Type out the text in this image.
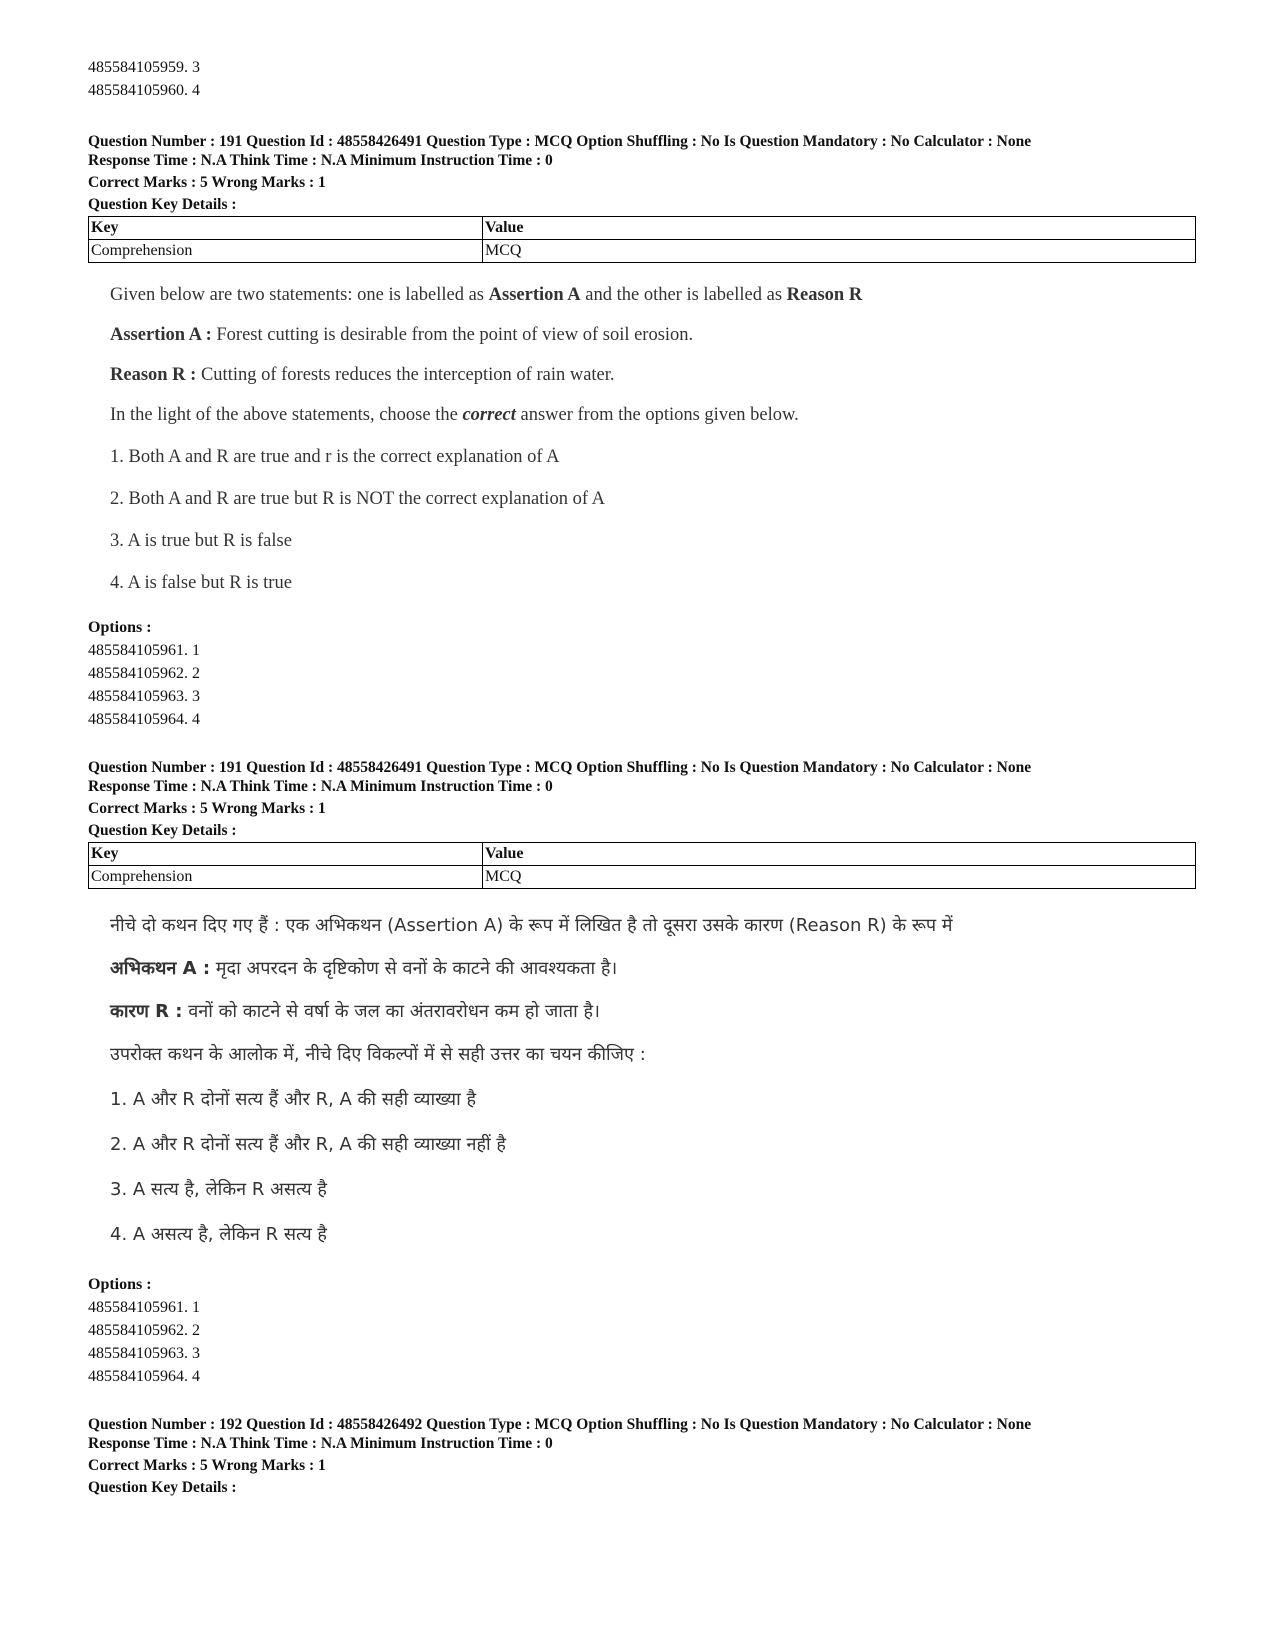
485584105959. 3

485584105960. 4

Question Number : 191 Question Id : 48558426491 Question Type : MCQ Option Shuffling : No Is Question Mandatory : No Calculator : None

Response Time : N.A Think Time : N.A Minimum Instruction Time : 0

Correct Marks : 5 Wrong Marks : 1

Question Key Details :

Key	Value
Comprehension	MCQ

Given below are two statements: one is labelled as Assertion A and the other is labelled as Reason R

Assertion A : Forest cutting is desirable from the point of view of soil erosion.

Reason R : Cutting of forests reduces the interception of rain water.

In the light of the above statements, choose the correct answer from the options given below.

1. Both A and R are true and r is the correct explanation of A

2. Both A and R are true but R is NOT the correct explanation of A

3. A is true but R is false

4. A is false but R is true

Options :

485584105961. 1

485584105962. 2

485584105963. 3

485584105964. 4

Question Number : 191 Question Id : 48558426491 Question Type : MCQ Option Shuffling : No Is Question Mandatory : No Calculator : None

Response Time : N.A Think Time : N.A Minimum Instruction Time : 0

Correct Marks : 5 Wrong Marks : 1

Question Key Details :

Key	Value
Comprehension	MCQ

नीचे दो कथन दिए गए हैं : एक अभिकथन (Assertion A) के रूप में लिखित है तो दूसरा उसके कारण (Reason R) के रूप में

अभिकथन A : मृदा अपरदन के दृष्टिकोण से वनों के काटने की आवश्यकता है।

कारण R : वनों को काटने से वर्षा के जल का अंतरावरोधन कम हो जाता है।

उपरोक्त कथन के आलोक में, नीचे दिए विकल्पों में से सही उत्तर का चयन कीजिए :

1. A और R दोनों सत्य हैं और R, A की सही व्याख्या है

2. A और R दोनों सत्य हैं और R, A की सही व्याख्या नहीं है

3. A सत्य है, लेकिन R असत्य है

4. A असत्य है, लेकिन R सत्य है

Options :

485584105961. 1

485584105962. 2

485584105963. 3

485584105964. 4

Question Number : 192 Question Id : 48558426492 Question Type : MCQ Option Shuffling : No Is Question Mandatory : No Calculator : None

Response Time : N.A Think Time : N.A Minimum Instruction Time : 0

Correct Marks : 5 Wrong Marks : 1

Question Key Details :
